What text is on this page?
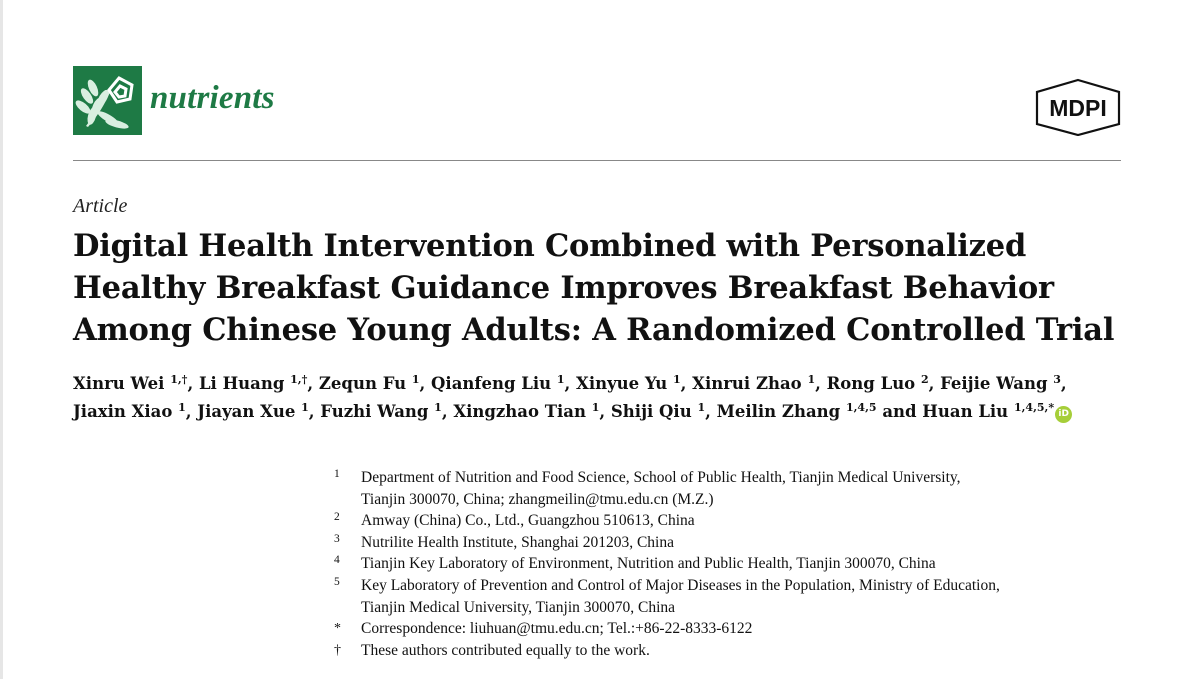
nutrients	MDPI
Article
Digital Health Intervention Combined with Personalized
Healthy Breakfast Guidance Improves Breakfast Behavior
Among Chinese Young Adults: A Randomized Controlled Trial
Xinru Wei $^{1,\dagger}$, Li Huang $^{1,\dagger}$, Zequn Fu $^1$, Qianfeng Liu $^1$, Xinyue Yu $^1$, Xinrui Zhao $^1$, Rong Luo $^2$, Feijie Wang $^3$,
Jiaxin Xiao $^1$, Jiayan Xue $^1$, Fuzhi Wang $^1$, Xingzhao Tian $^1$, Shiji Qiu $^1$, Meilin Zhang $^{1,4,5}$ and Huan Liu $^{1,4,5,*}$ iD
1 Department of Nutrition and Food Science, School of Public Health, Tianjin Medical University,
Tianjin 300070, China; zhangmeilin@tmu.edu.cn (M.Z.)
2 Amway (China) Co., Ltd., Guangzhou 510613, China
3 Nutrilite Health Institute, Shanghai 201203, China
4 Tianjin Key Laboratory of Environment, Nutrition and Public Health, Tianjin 300070, China
5 Key Laboratory of Prevention and Control of Major Diseases in the Population, Ministry of Education,
Tianjin Medical University, Tianjin 300070, China
* Correspondence: liuhuan@tmu.edu.cn; Tel.:+86-22-8333-6122
† These authors contributed equally to the work.
